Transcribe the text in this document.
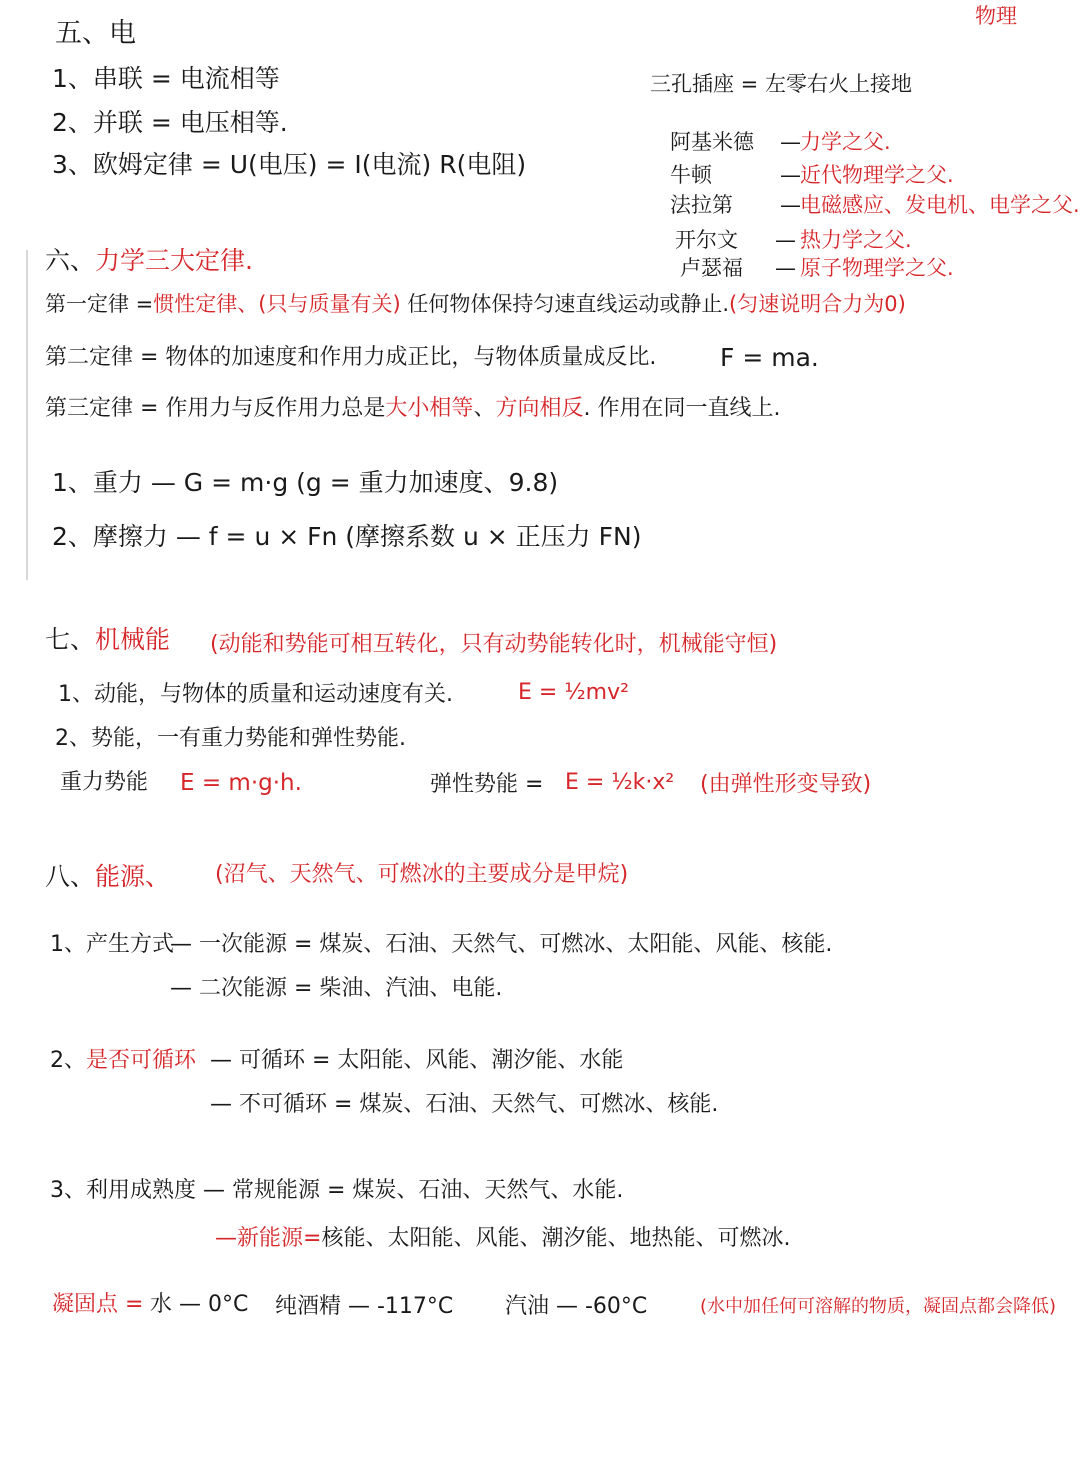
物理
五、电
1、串联 = 电流相等
2、并联 = 电压相等.
3、欧姆定律 = U(电压) = I(电流) R(电阻)
三孔插座 = 左零右火上接地
阿基米德 — 力学之父.
牛顿	— 近代物理学之父.
法拉第 — 电磁感应、发电机、电学之父.
开尔文 — 热力学之父.
卢瑟福 — 原子物理学之父.
六、力学三大定律.
第一定律 =惯性定律、(只与质量有关) 任何物体保持匀速直线运动或静止.(匀速说明合力为0)
第二定律 = 物体的加速度和作用力成正比，与物体质量成反比.	F = ma.
第三定律 = 作用力与反作用力总是大小相等、方向相反. 作用在同一直线上.
1、重力 — G = m·g (g = 重力加速度、9.8)
2、摩擦力 — f = u × Fn (摩擦系数 u × 正压力 FN)
七、机械能 (动能和势能可相互转化，只有动势能转化时，机械能守恒)
1、动能，与物体的质量和运动速度有关.	E = ½mv²
2、势能，一有重力势能和弹性势能.
重力势能 E = m·g·h.	弹性势能 = E = ½k·x² (由弹性形变导致)
八、能源、 (沼气、天然气、可燃冰的主要成分是甲烷)
1、产生方式
— 一次能源 = 煤炭、石油、天然气、可燃冰、太阳能、风能、核能.
— 二次能源 = 柴油、汽油、电能.
2、是否可循环 — 可循环 = 太阳能、风能、潮汐能、水能
— 不可循环 = 煤炭、石油、天然气、可燃冰、核能.
3、利用成熟度 — 常规能源 = 煤炭、石油、天然气、水能.
—新能源=核能、太阳能、风能、潮汐能、地热能、可燃冰.
凝固点 = 水 — 0°C 纯酒精 — -117°C 汽油 — -60°C	(水中加任何可溶解的物质，凝固点都会降低)
